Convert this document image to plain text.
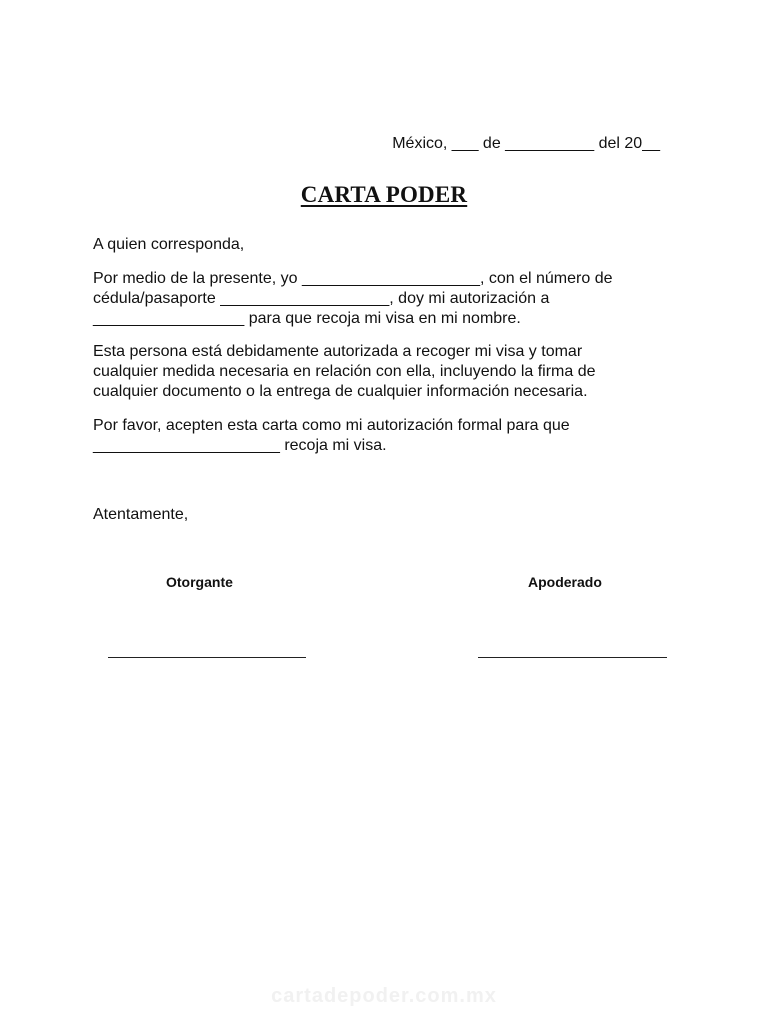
México, ___ de __________ del 20__
CARTA PODER

A quien corresponda,

Por medio de la presente, yo ____________________, con el número de
cédula/pasaporte ___________________, doy mi autorización a
_________________ para que recoja mi visa en mi nombre.

Esta persona está debidamente autorizada a recoger mi visa y tomar
cualquier medida necesaria en relación con ella, incluyendo la firma de
cualquier documento o la entrega de cualquier información necesaria.

Por favor, acepten esta carta como mi autorización formal para que
_____________________ recoja mi visa.

Atentamente,

Otorgante	Apoderado
cartadepoder.com.mx
